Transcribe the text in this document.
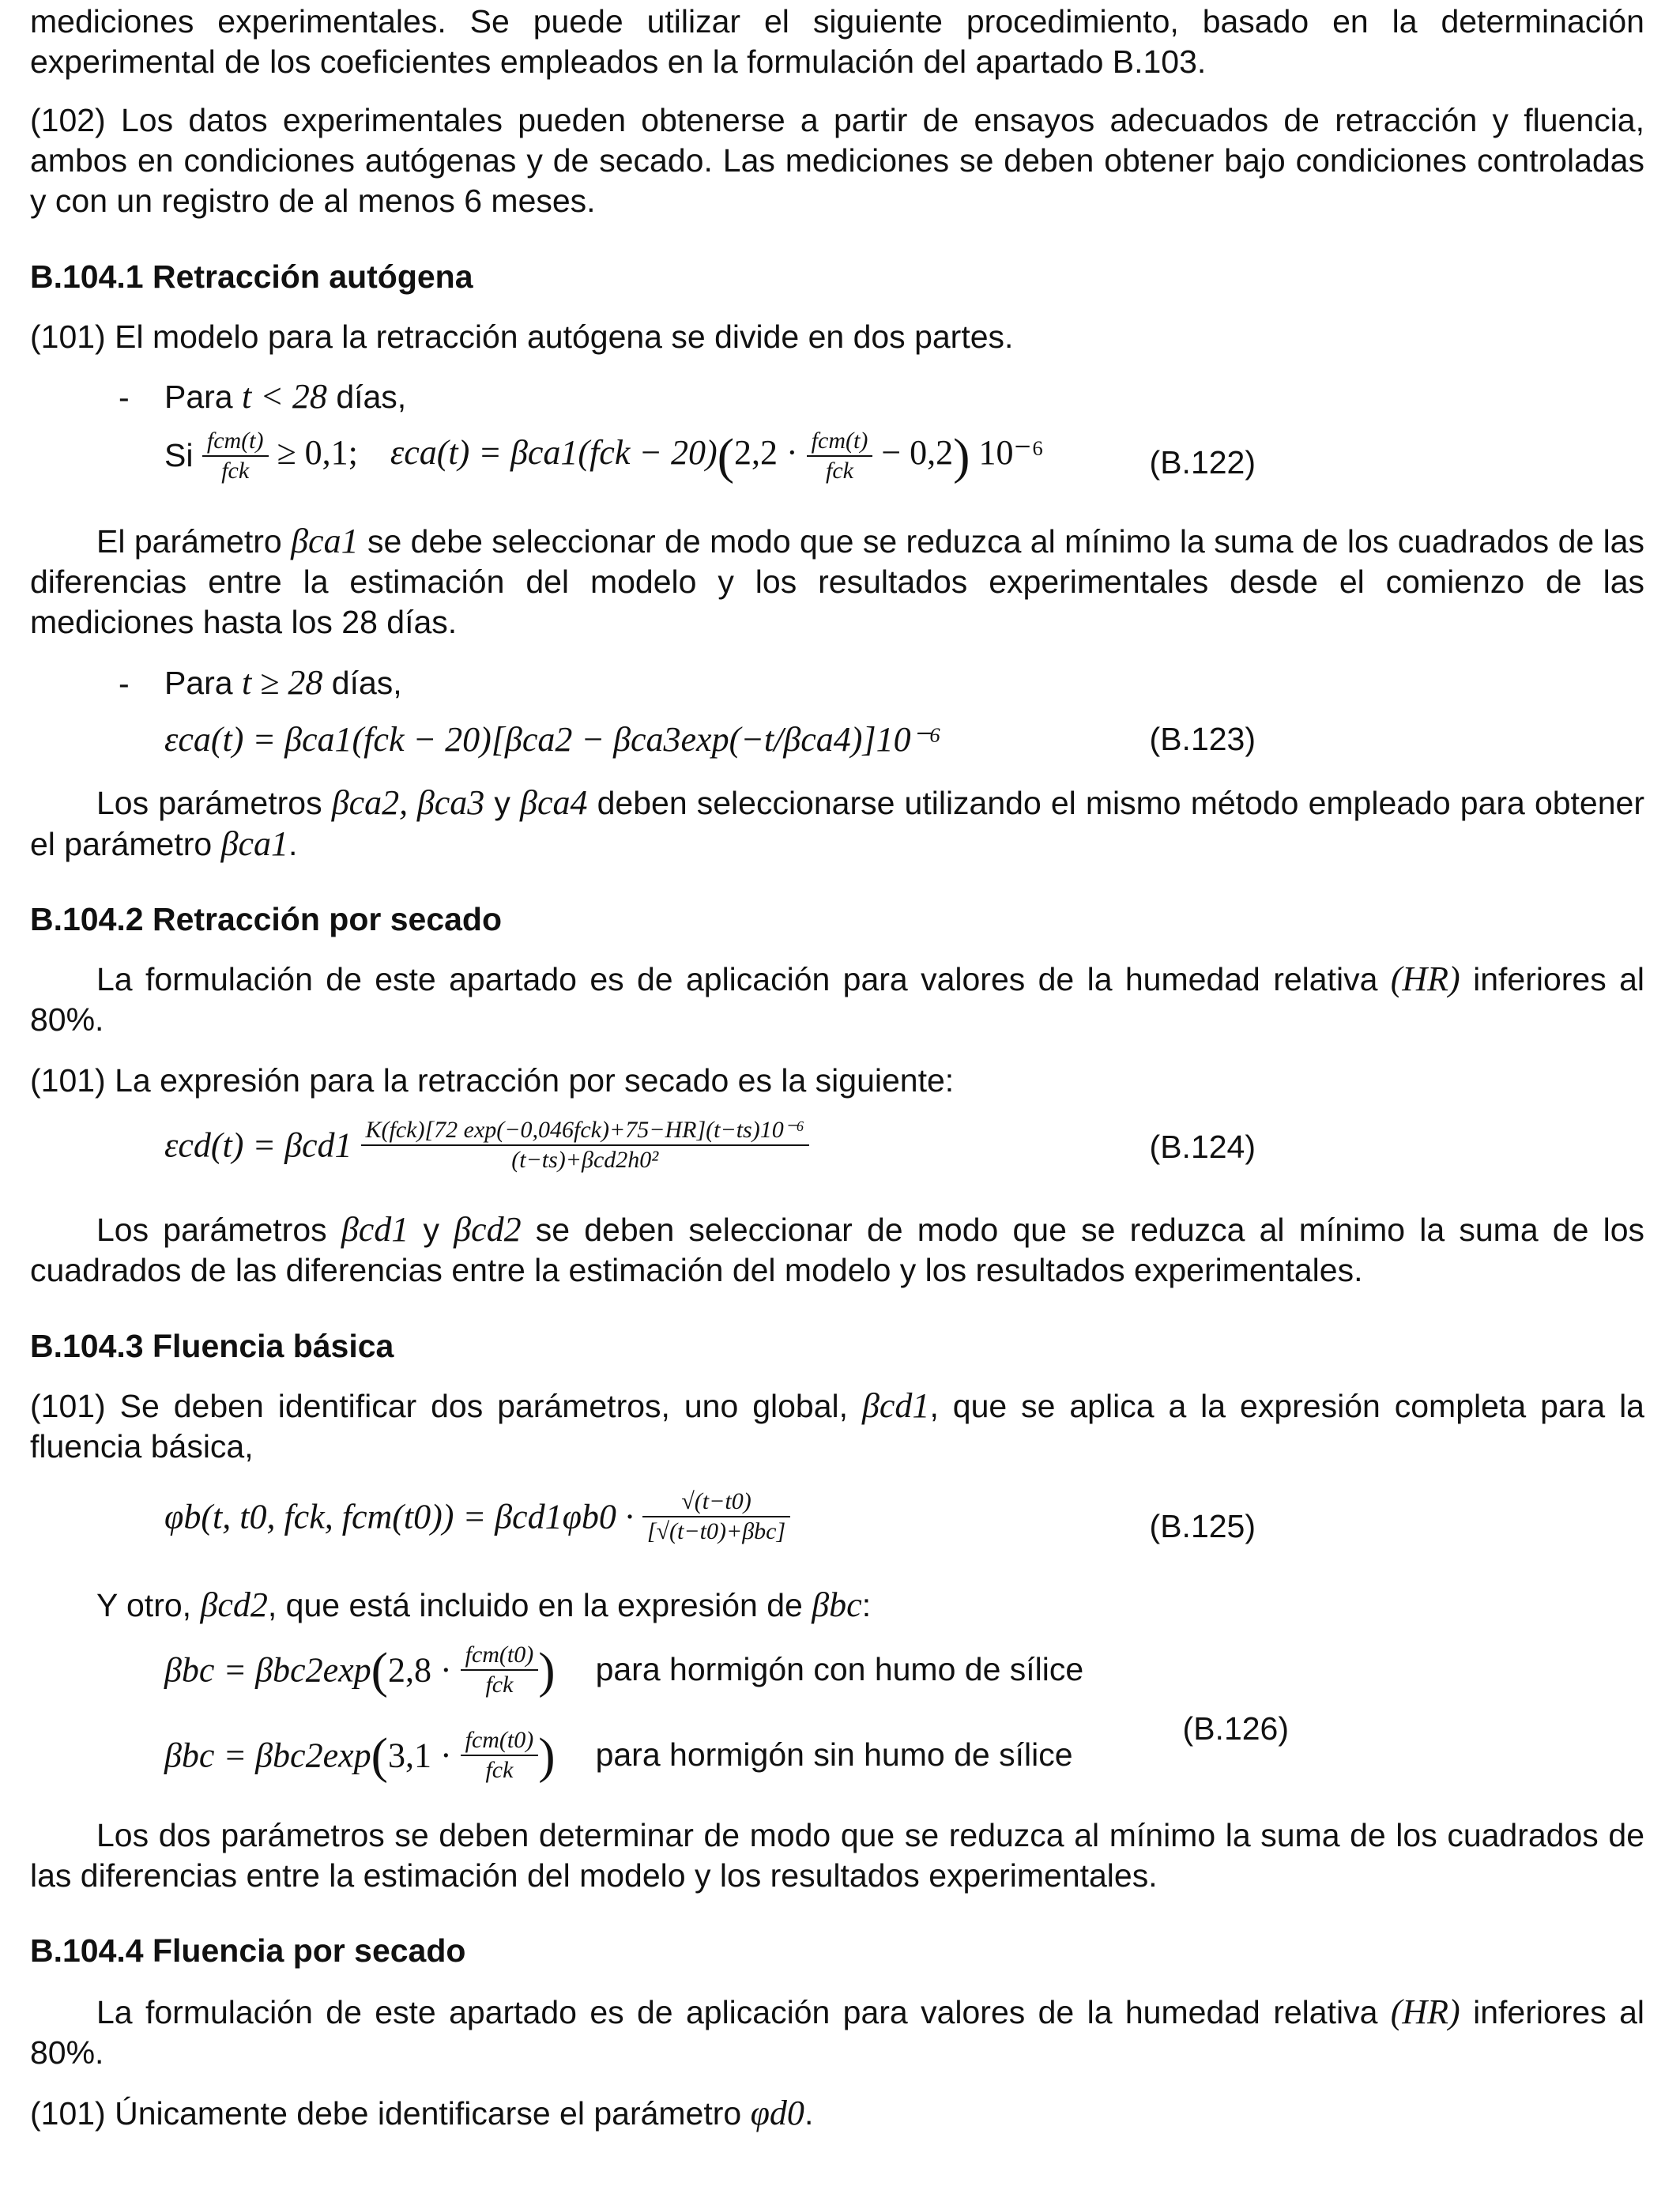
mediciones experimentales. Se puede utilizar el siguiente procedimiento, basado en la determinación
experimental de los coeficientes empleados en la formulación del apartado B.103.

(102) Los datos experimentales pueden obtenerse a partir de ensayos adecuados de retracción y fluencia, ambos en condiciones autógenas y de secado. Las mediciones se deben obtener bajo condiciones controladas y con un registro de al menos 6 meses.

B.104.1 Retracción autógena

(101) El modelo para la retracción autógena se divide en dos partes.

- Para t < 28 días,

Si $\frac{\text{fcm(t)}}{\text{fck}} \ge 0,1$; $\varepsilon ca(t) = \beta ca1(fck - 20)(2,2 \cdot \frac{\text{fcm(t)}}{\text{fck}} - 0,2)$ 10⁻⁶	(B.122)

El parámetro βca1 se debe seleccionar de modo que se reduzca al mínimo la suma de los cuadrados de las diferencias entre la estimación del modelo y los resultados experimentales desde el comienzo de las mediciones hasta los 28 días.

- Para t ≥ 28 días,

εca(t) = βca1(fck − 20)[βca2 − βca3exp(−t/βca4)]10⁻⁶	(B.123)

Los parámetros βca2, βca3 y βca4 deben seleccionarse utilizando el mismo método empleado para obtener el parámetro βca1.

B.104.2 Retracción por secado

La formulación de este apartado es de aplicación para valores de la humedad relativa (HR) inferiores al 80%.

(101) La expresión para la retracción por secado es la siguiente:

$\varepsilon cd(t) = \beta cd1 \frac{\text{K(fck)[72 exp(−0,046fck)+75−HR](t−ts)10⁻⁶}}{\text{(t−ts)+βcd2h0²}}$	(B.124)

Los parámetros βcd1 y βcd2 se deben seleccionar de modo que se reduzca al mínimo la suma de los cuadrados de las diferencias entre la estimación del modelo y los resultados experimentales.

B.104.3 Fluencia básica

(101) Se deben identificar dos parámetros, uno global, βcd1, que se aplica a la expresión completa para la fluencia básica,

φb(t, t0, fck, $fcm(t0)) = \beta cd1\varphi b0 \cdot \frac{√(t-t0)}{\text{[√(t−t0)+βbc]}}$	(B.125)

Y otro, βcd2, que está incluido en la expresión de βbc:

$\beta bc = \beta bc2\exp(2,8 \cdot \frac{\text{fcm(t0)}}{\text{fck}}$ ) para hormigón con humo de sílice
(B.126)
$\beta bc = \beta bc2\exp(3,1 \cdot \frac{\text{fcm(t0)}}{\text{fck}}$ ) para hormigón sin humo de sílice

Los dos parámetros se deben determinar de modo que se reduzca al mínimo la suma de los cuadrados de las diferencias entre la estimación del modelo y los resultados experimentales.

B.104.4 Fluencia por secado

La formulación de este apartado es de aplicación para valores de la humedad relativa (HR) inferiores al 80%.

(101) Únicamente debe identificarse el parámetro φd0.
